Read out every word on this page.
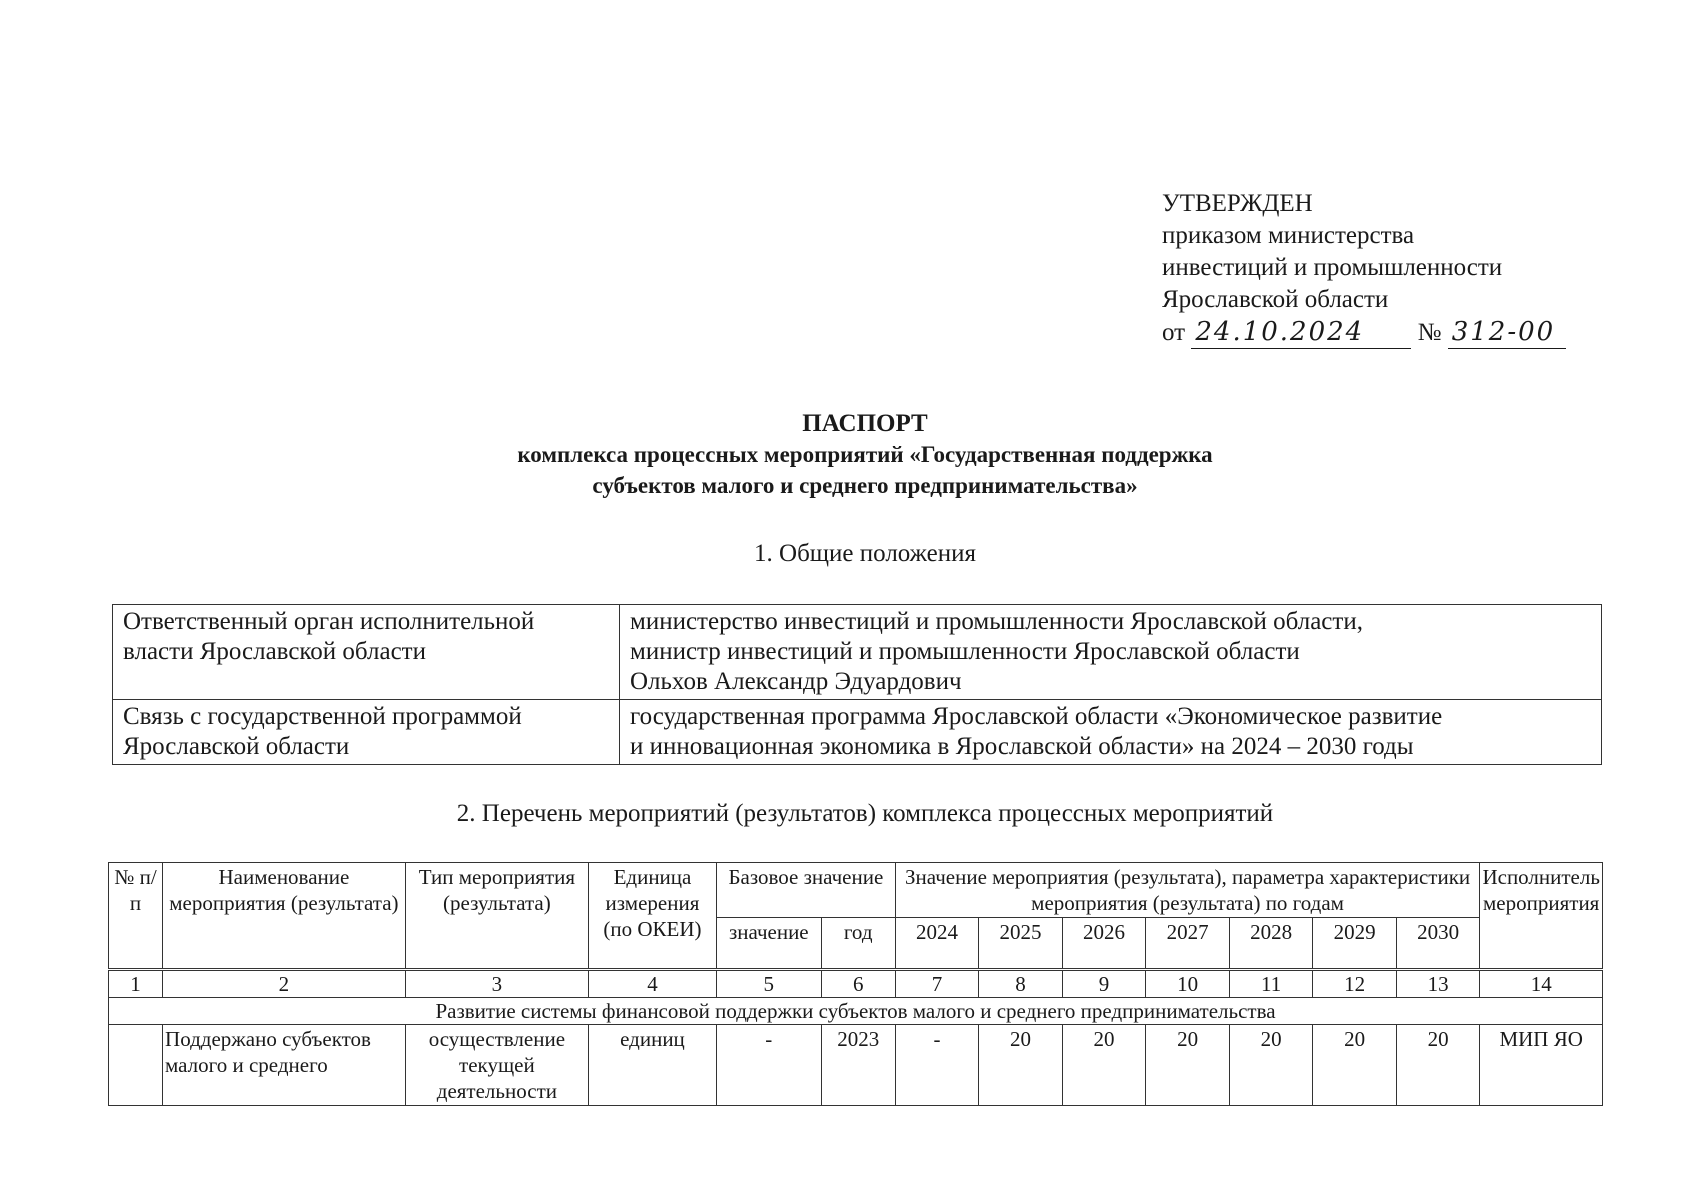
УТВЕРЖДЕН
приказом министерства
инвестиций и промышленности
Ярославской области
от 24.10.2024 № 312-00
ПАСПОРТ
комплекса процессных мероприятий «Государственная поддержка
субъектов малого и среднего предпринимательства»
1. Общие положения
Ответственный орган исполнительной власти Ярославской области	министерство инвестиций и промышленности Ярославской области,
министр инвестиций и промышленности Ярославской области
Ольхов Александр Эдуардович

Связь с государственной программой Ярославской области	государственная программа Ярославской области «Экономическое развитие
и инновационная экономика в Ярославской области» на 2024 – 2030 годы
2. Перечень мероприятий (результатов) комплекса процессных мероприятий
№ п/п	Наименование мероприятия (результата)	Тип мероприятия (результата)	Единица измерения (по ОКЕИ)	Базовое значение		Значение мероприятия (результата), параметра характеристики мероприятия (результата) по годам							Исполнитель мероприятия
				значение	год	2024	2025	2026	2027	2028	2029	2030	
1	2	3	4	5	6	7	8	9	10	11	12	13	14
Развитие системы финансовой поддержки субъектов малого и среднего предпринимательства													
	Поддержано субъектов малого и среднего	осуществление текущей деятельности	единиц	-	2023	-	20	20	20	20	20	20	МИП ЯО
